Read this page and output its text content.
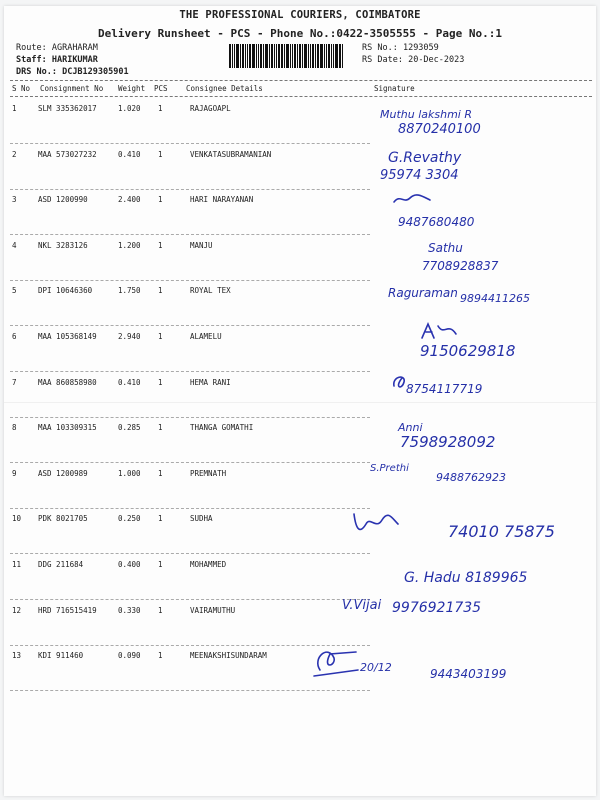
THE PROFESSIONAL COURIERS, COIMBATORE
Delivery Runsheet - PCS - Phone No.:0422-3505555 - Page No.:1
Route: AGRAHARAM
Staff: HARIKUMAR
DRS No.: DCJB129305901
RS No.: 1293059
RS Date: 20-Dec-2023
S No Consignment No Weight PCS Consignee Details	Signature
1	SLM 335362017	1.020 1	RAJAGOAPL	Muthu lakshmi R
8870240100
2	MAA 573027232	0.410 1	VENKATASUBRAMANIAN	G.Revathy
95974 3304
3	ASD 1200990	2.400 1	HARI NARAYANAN
9487680480
4	NKL 3283126	1.200 1	MANJU	Sathu
7708928837
5	DPI 10646360	1.750 1	ROYAL TEX	Raguraman 9894411265
6	MAA 105368149	2.940 1	ALAMELU
9150629818
7	MAA 860858980	0.410 1	HEMA RANI	8754117719
8	MAA 103309315	0.285 1	THANGA GOMATHI	Anni
7598928092
9	ASD 1200989	1.000 1	PREMNATH	S.Prethi
9488762923
10 PDK 8021705	0.250 1	SUDHA
74010 75875
11 DDG 211684	0.400 1	MOHAMMED
G. Hadu 8189965
12 HRD 716515419	0.330 1	VAIRAMUTHU	V.Vijai 9976921735
13 KDI 911460	0.090 1	MEENAKSHISUNDARAM
20/12	9443403199
